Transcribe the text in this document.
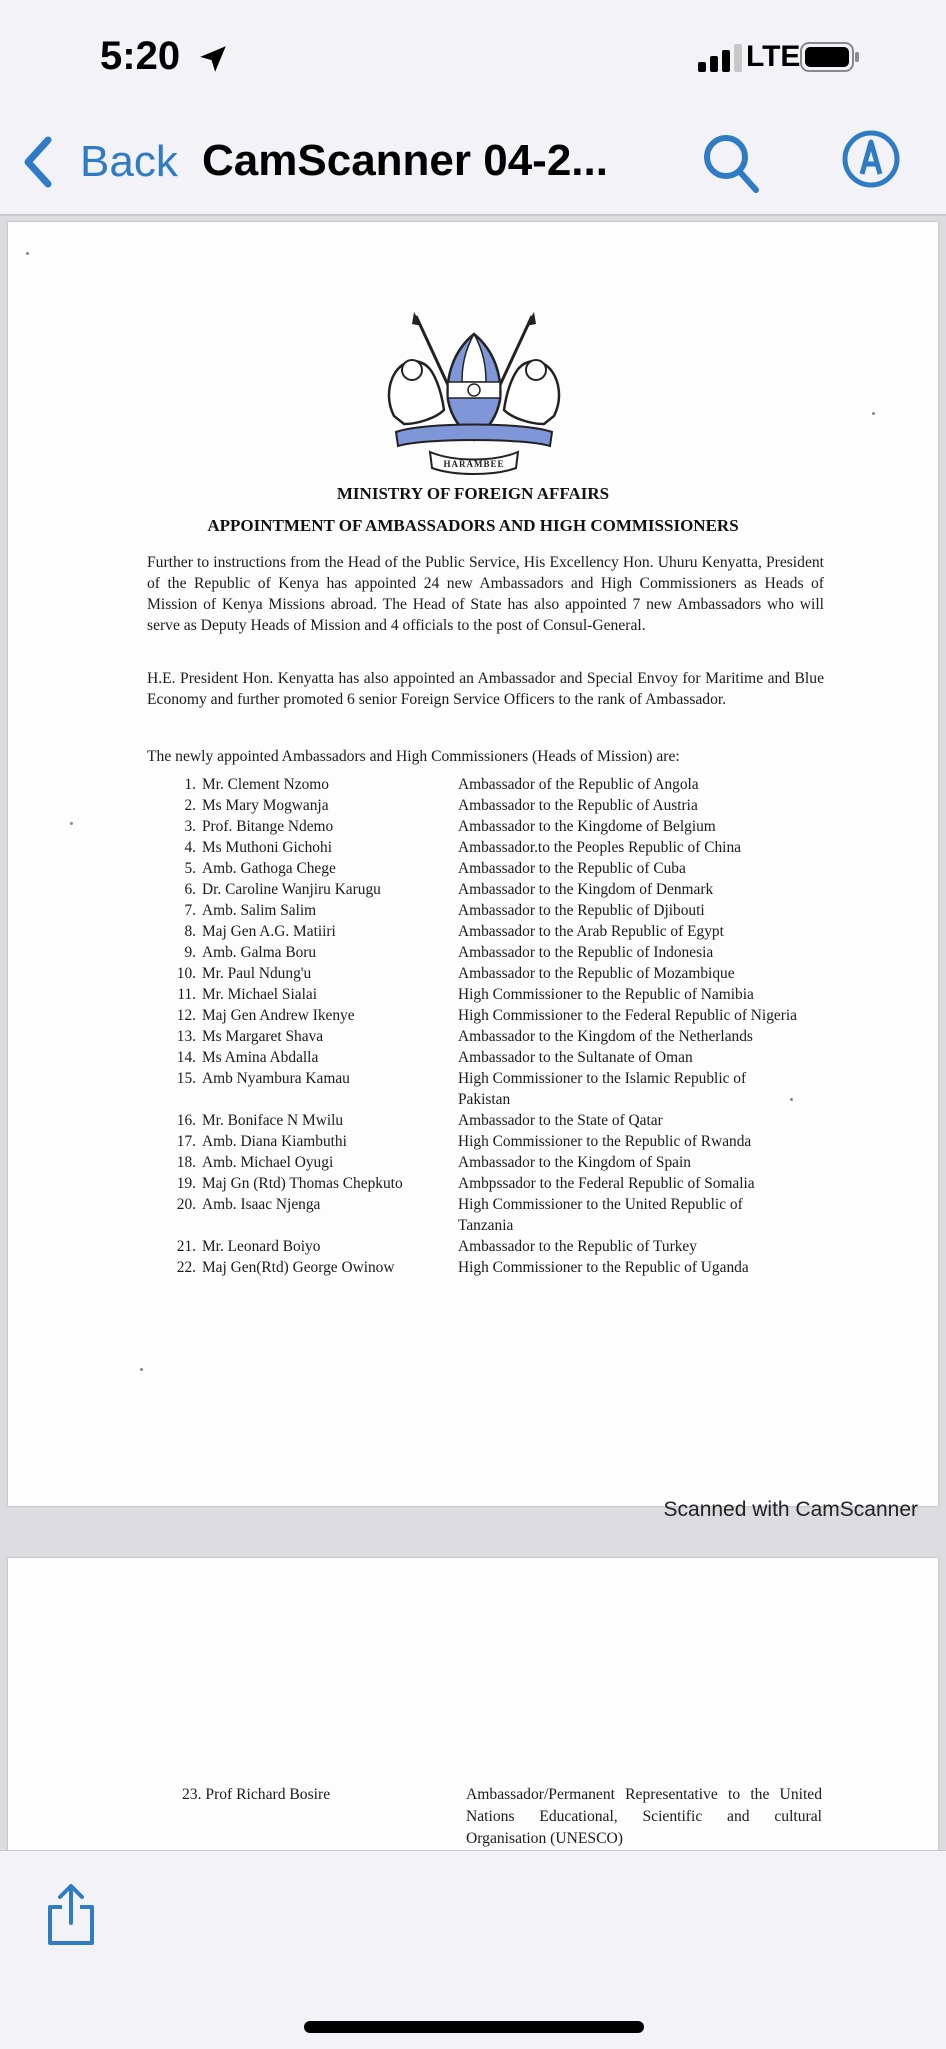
5:20	LTE
Back CamScanner 04-2...
HARAMBEE
MINISTRY OF FOREIGN AFFAIRS
APPOINTMENT OF AMBASSADORS AND HIGH COMMISSIONERS
Further to instructions from the Head of the Public Service, His Excellency Hon. Uhuru Kenyatta, President of the Republic of Kenya has appointed 24 new Ambassadors and High Commissioners as Heads of Mission of Kenya Missions abroad. The Head of State has also appointed 7 new Ambassadors who will serve as Deputy Heads of Mission and 4 officials to the post of Consul-General.
H.E. President Hon. Kenyatta has also appointed an Ambassador and Special Envoy for Maritime and Blue Economy and further promoted 6 senior Foreign Service Officers to the rank of Ambassador.
The newly appointed Ambassadors and High Commissioners (Heads of Mission) are:
1. Mr. Clement Nzomo	Ambassador of the Republic of Angola
2. Ms Mary Mogwanja	Ambassador to the Republic of Austria
3. Prof. Bitange Ndemo	Ambassador to the Kingdome of Belgium
4. Ms Muthoni Gichohi	Ambassador.to the Peoples Republic of China
5. Amb. Gathoga Chege	Ambassador to the Republic of Cuba
6. Dr. Caroline Wanjiru Karugu	Ambassador to the Kingdom of Denmark
7. Amb. Salim Salim	Ambassador to the Republic of Djibouti
8. Maj Gen A.G. Matiiri	Ambassador to the Arab Republic of Egypt
9. Amb. Galma Boru	Ambassador to the Republic of Indonesia
10. Mr. Paul Ndung'u	Ambassador to the Republic of Mozambique
11. Mr. Michael Sialai	High Commissioner to the Republic of Namibia
12. Maj Gen Andrew Ikenye	High Commissioner to the Federal Republic of Nigeria
13. Ms Margaret Shava	Ambassador to the Kingdom of the Netherlands
14. Ms Amina Abdalla	Ambassador to the Sultanate of Oman
15. Amb Nyambura Kamau	High Commissioner to the Islamic Republic of Pakistan
16. Mr. Boniface N Mwilu	Ambassador to the State of Qatar
17. Amb. Diana Kiambuthi	High Commissioner to the Republic of Rwanda
18. Amb. Michael Oyugi	Ambassador to the Kingdom of Spain
19. Maj Gn (Rtd) Thomas Chepkuto	Ambpssador to the Federal Republic of Somalia
20. Amb. Isaac Njenga	High Commissioner to the United Republic of Tanzania
21. Mr. Leonard Boiyo	Ambassador to the Republic of Turkey
22. Maj Gen(Rtd) George Owinow	High Commissioner to the Republic of Uganda
Scanned with CamScanner
23. Prof Richard Bosire	Ambassador/Permanent Representative to the United Nations Educational, Scientific and cultural Organisation (UNESCO)
